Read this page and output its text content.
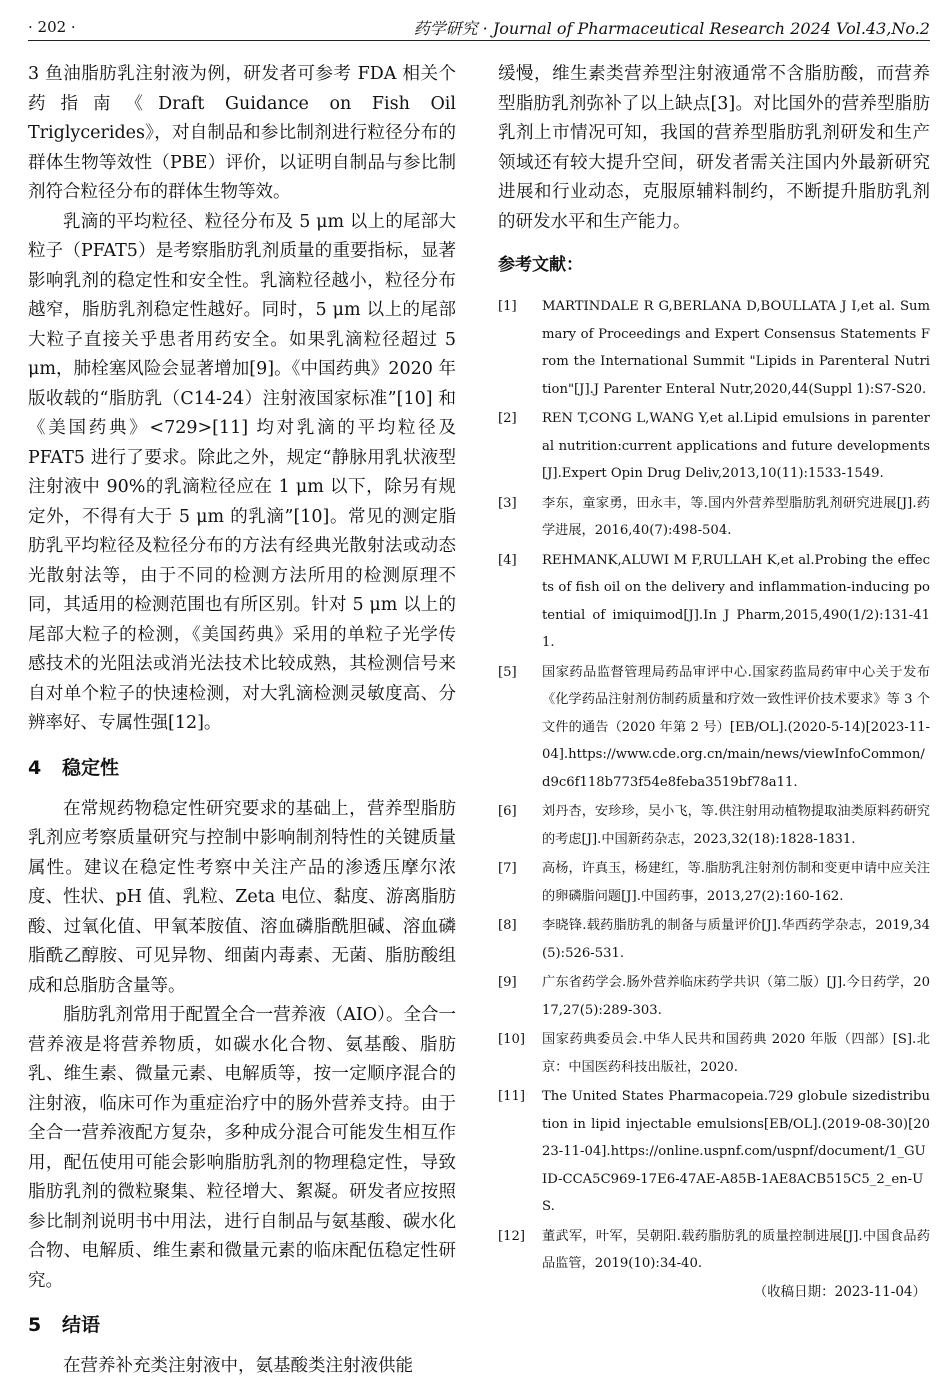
· 202 ·	药学研究 · Journal of Pharmaceutical Research 2024 Vol.43,No.2

3 鱼油脂肪乳注射液为例，研发者可参考 FDA 相关个药指南《Draft Guidance on Fish Oil Triglycerides》，对自制品和参比制剂进行粒径分布的群体生物等效性（PBE）评价，以证明自制品与参比制剂符合粒径分布的群体生物等效。

乳滴的平均粒径、粒径分布及 5 μm 以上的尾部大粒子（PFAT5）是考察脂肪乳剂质量的重要指标，显著影响乳剂的稳定性和安全性。乳滴粒径越小，粒径分布越窄，脂肪乳剂稳定性越好。同时，5 μm 以上的尾部大粒子直接关乎患者用药安全。如果乳滴粒径超过 5 μm，肺栓塞风险会显著增加[9]。《中国药典》2020 年版收载的“脂肪乳（C14-24）注射液国家标准”[10] 和《美国药典》<729>[11] 均对乳滴的平均粒径及 PFAT5 进行了要求。除此之外，规定“静脉用乳状液型注射液中 90%的乳滴粒径应在 1 μm 以下，除另有规定外，不得有大于 5 μm 的乳滴”[10]。常见的测定脂肪乳平均粒径及粒径分布的方法有经典光散射法或动态光散射法等，由于不同的检测方法所用的检测原理不同，其适用的检测范围也有所区别。针对 5 μm 以上的尾部大粒子的检测，《美国药典》采用的单粒子光学传感技术的光阻法或消光法技术比较成熟，其检测信号来自对单个粒子的快速检测，对大乳滴检测灵敏度高、分辨率好、专属性强[12]。

4 稳定性

在常规药物稳定性研究要求的基础上，营养型脂肪乳剂应考察质量研究与控制中影响制剂特性的关键质量属性。建议在稳定性考察中关注产品的渗透压摩尔浓度、性状、pH 值、乳粒、Zeta 电位、黏度、游离脂肪酸、过氧化值、甲氧苯胺值、溶血磷脂酰胆碱、溶血磷脂酰乙醇胺、可见异物、细菌内毒素、无菌、脂肪酸组成和总脂肪含量等。

脂肪乳剂常用于配置全合一营养液（AIO）。全合一营养液是将营养物质，如碳水化合物、氨基酸、脂肪乳、维生素、微量元素、电解质等，按一定顺序混合的注射液，临床可作为重症治疗中的肠外营养支持。由于全合一营养液配方复杂，多种成分混合可能发生相互作用，配伍使用可能会影响脂肪乳剂的物理稳定性，导致脂肪乳剂的微粒聚集、粒径增大、絮凝。研发者应按照参比制剂说明书中用法，进行自制品与氨基酸、碳水化合物、电解质、维生素和微量元素的临床配伍稳定性研究。

5 结语

在营养补充类注射液中，氨基酸类注射液供能

缓慢，维生素类营养型注射液通常不含脂肪酸，而营养型脂肪乳剂弥补了以上缺点[3]。对比国外的营养型脂肪乳剂上市情况可知，我国的营养型脂肪乳剂研发和生产领域还有较大提升空间，研发者需关注国内外最新研究进展和行业动态，克服原辅料制约，不断提升脂肪乳剂的研发水平和生产能力。

参考文献：
[1]	MARTINDALE R G,BERLANA D,BOULLATA J I,et al. Summary of Proceedings and Expert Consensus Statements From the International Summit "Lipids in Parenteral Nutrition"[J].J Parenter Enteral Nutr,2020,44(Suppl 1):S7-S20.
[2]	REN T,CONG L,WANG Y,et al.Lipid emulsions in parenteral nutrition:current applications and future developments[J].Expert Opin Drug Deliv,2013,10(11):1533-1549.
[3]	李东，童家勇，田永丰，等.国内外营养型脂肪乳剂研究进展[J].药学进展，2016,40(7):498-504.
[4]	REHMANK,ALUWI M F,RULLAH K,et al.Probing the effects of fish oil on the delivery and inflammation-inducing potential of imiquimod[J].In J Pharm,2015,490(1/2):131-411.
[5]	国家药品监督管理局药品审评中心.国家药监局药审中心关于发布《化学药品注射剂仿制药质量和疗效一致性评价技术要求》等 3 个文件的通告（2020 年第 2 号）[EB/OL].(2020-5-14)[2023-11-04].https://www.cde.org.cn/main/news/viewInfoCommon/d9c6f118b773f54e8feba3519bf78a11.
[6]	刘丹杏，安珍珍，吴小飞，等.供注射用动植物提取油类原料药研究的考虑[J].中国新药杂志，2023,32(18):1828-1831.
[7]	高杨，许真玉，杨建红，等.脂肪乳注射剂仿制和变更申请中应关注的卵磷脂问题[J].中国药事，2013,27(2):160-162.
[8]	李晓锋.载药脂肪乳的制备与质量评价[J].华西药学杂志，2019,34(5):526-531.
[9]	广东省药学会.肠外营养临床药学共识（第二版）[J].今日药学，2017,27(5):289-303.
[10]	国家药典委员会.中华人民共和国药典 2020 年版（四部）[S].北京：中国医药科技出版社，2020.
[11]	The United States Pharmacopeia.729 globule sizedistribution in lipid injectable emulsions[EB/OL].(2019-08-30)[2023-11-04].https://online.uspnf.com/uspnf/document/1_GUID-CCA5C969-17E6-47AE-A85B-1AE8ACB515C5_2_en-US.
[12]	董武军，叶军，吴朝阳.载药脂肪乳的质量控制进展[J].中国食品药品监管，2019(10):34-40.
（收稿日期：2023-11-04）
